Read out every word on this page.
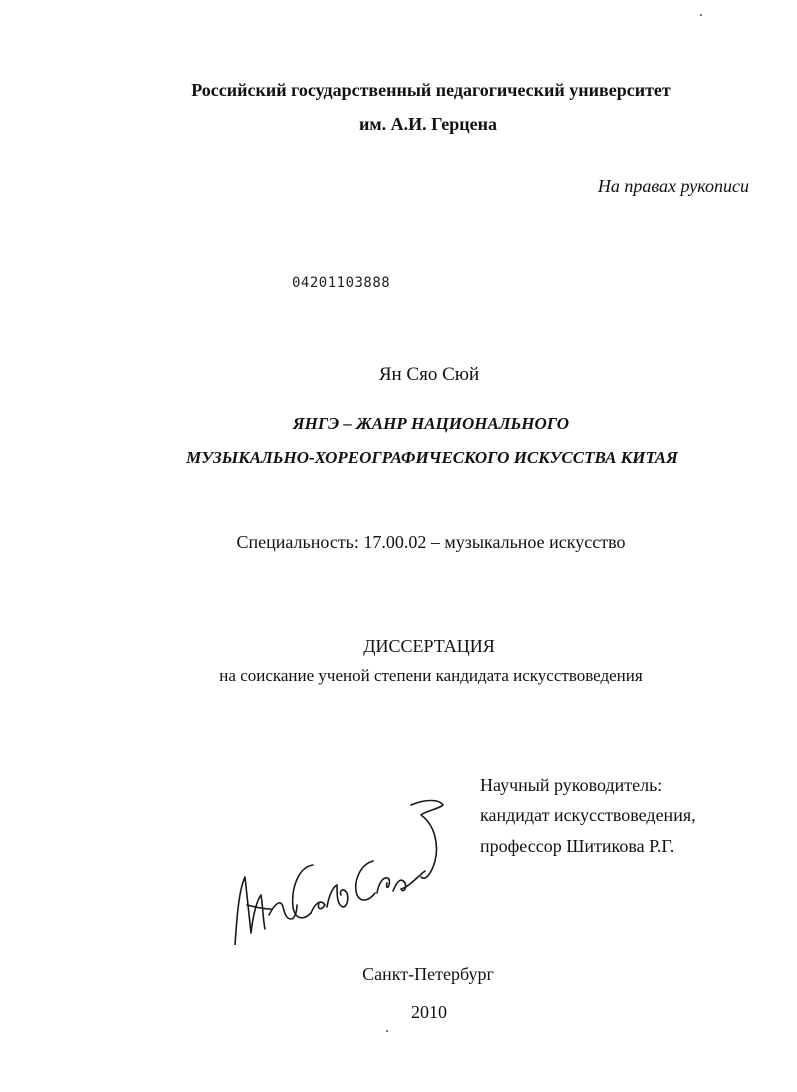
Российский государственный педагогический университет
им. А.И. Герцена
На правах рукописи
04201103888
Ян Сяо Сюй
ЯНГЭ – ЖАНР НАЦИОНАЛЬНОГО
МУЗЫКАЛЬНО-ХОРЕОГРАФИЧЕСКОГО ИСКУССТВА КИТАЯ
Специальность: 17.00.02 – музыкальное искусство
ДИССЕРТАЦИЯ
на соискание ученой степени кандидата искусствоведения
Научный руководитель:
кандидат искусствоведения,
профессор Шитикова Р.Г.
Санкт-Петербург
2010
